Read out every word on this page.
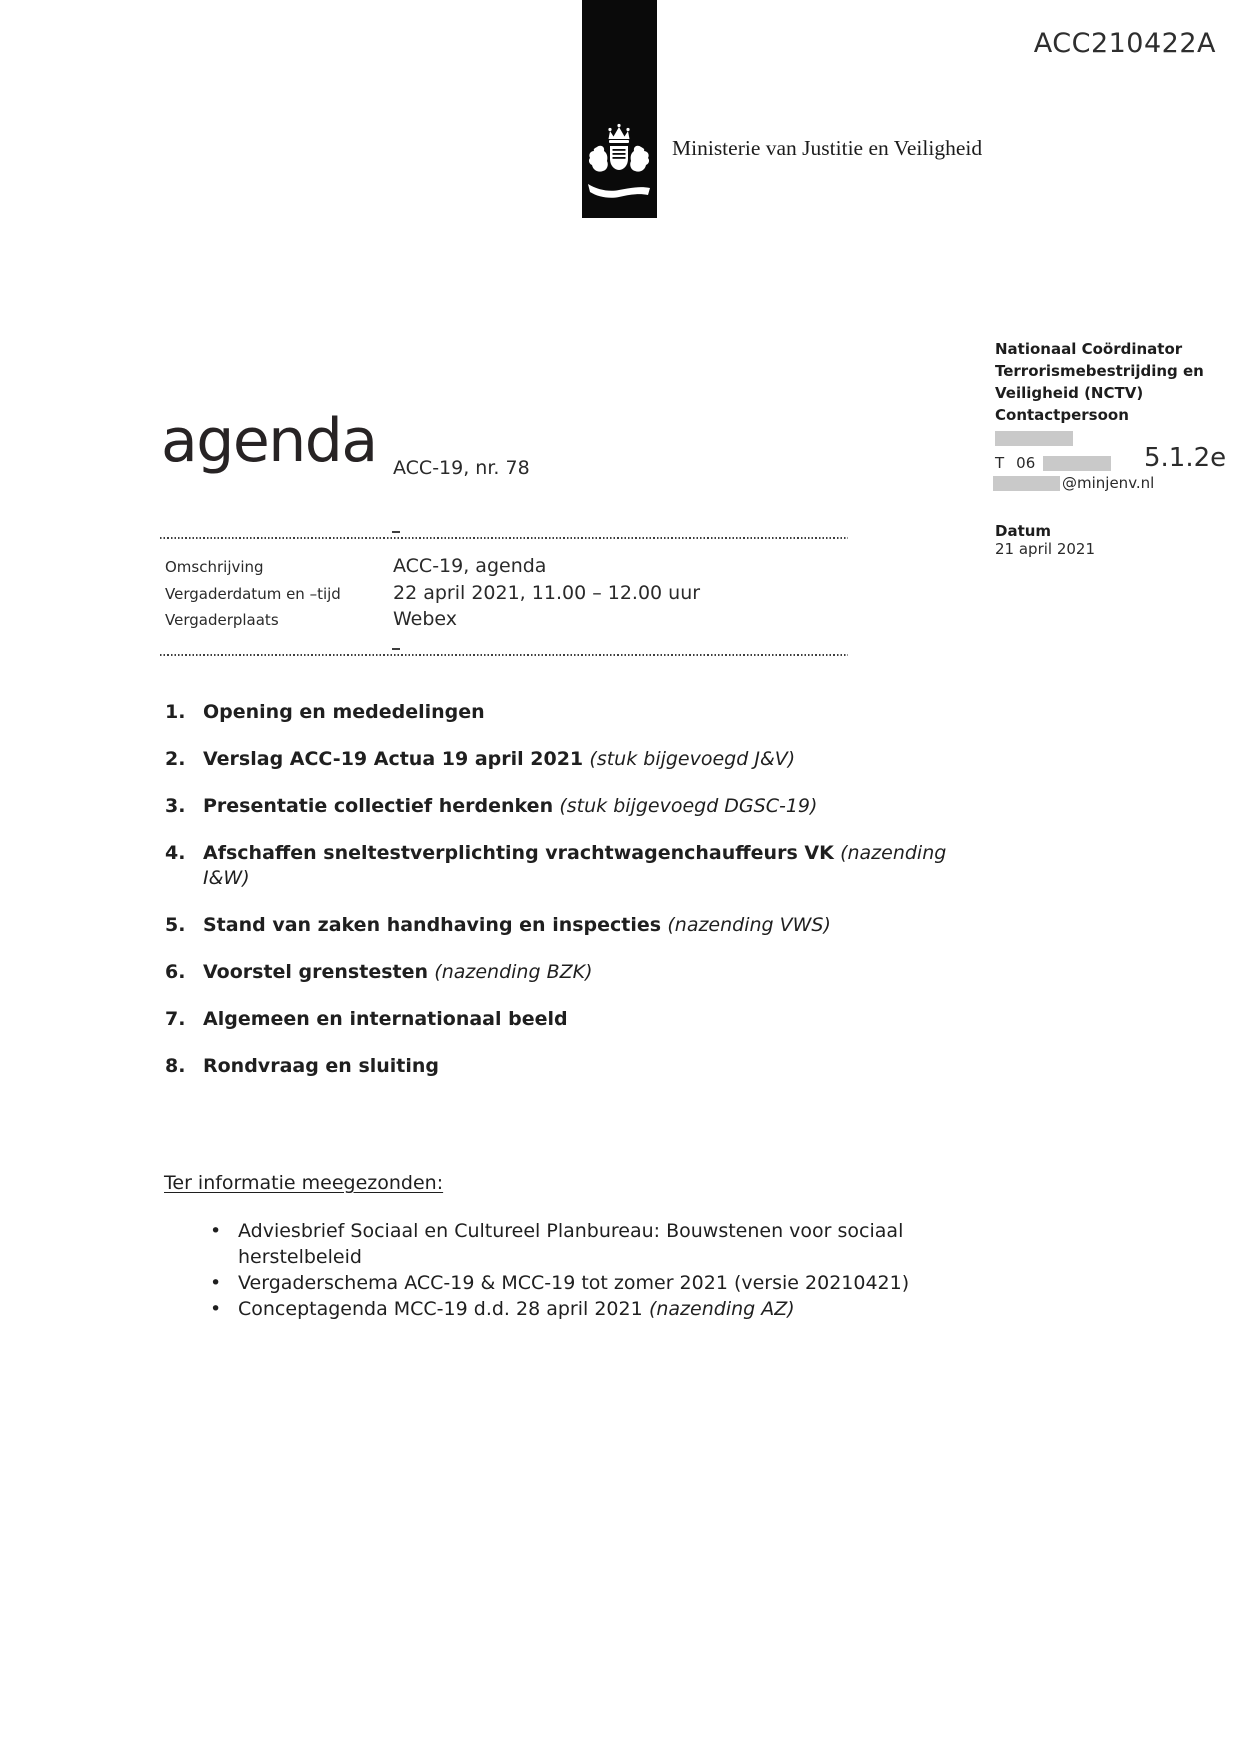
ACC210422A
Ministerie van Justitie en Veiligheid
Nationaal Coördinator
Terrorismebestrijding en
Veiligheid (NCTV)
Contactpersoon
T 06	5.1.2e
@minjenv.nl
Datum
21 april 2021
agenda ACC-19, nr. 78
Omschrijving	ACC-19, agenda
Vergaderdatum en –tijd	22 april 2021, 11.00 – 12.00 uur
Vergaderplaats	Webex
1. Opening en mededelingen
2. Verslag ACC-19 Actua 19 april 2021 (stuk bijgevoegd J&V)
3. Presentatie collectief herdenken (stuk bijgevoegd DGSC-19)
4. Afschaffen sneltestverplichting vrachtwagenchauffeurs VK (nazending I&W)
5. Stand van zaken handhaving en inspecties (nazending VWS)
6. Voorstel grenstesten (nazending BZK)
7. Algemeen en internationaal beeld
8. Rondvraag en sluiting
Ter informatie meegezonden:
•
Adviesbrief Sociaal en Cultureel Planbureau: Bouwstenen voor sociaal herstelbeleid
•
Vergaderschema ACC-19 & MCC-19 tot zomer 2021 (versie 20210421)
•
Conceptagenda MCC-19 d.d. 28 april 2021 (nazending AZ)
